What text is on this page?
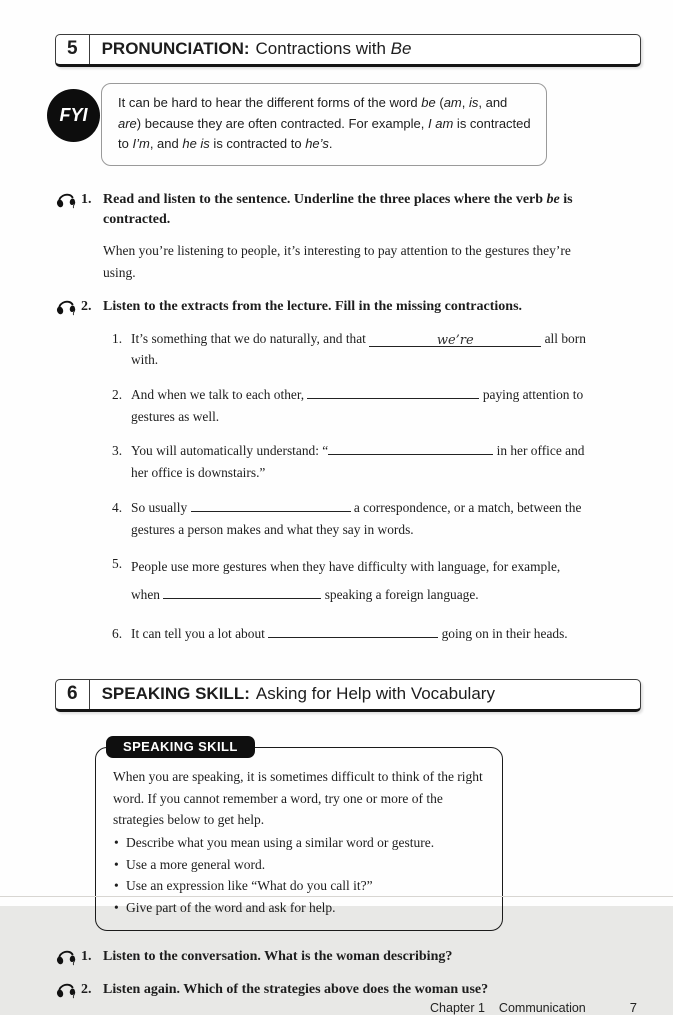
5	PRONUNCIATION: Contractions with Be
FYI

It can be hard to hear the different forms of the word be (am, is, and are) because they are often contracted. For example, I am is contracted to I’m, and he is is contracted to he’s.

1. Read and listen to the sentence. Underline the three places where the verb be is contracted.

When you’re listening to people, it’s interesting to pay attention to the gestures they’re using.

2. Listen to the extracts from the lecture. Fill in the missing contractions.

1. It’s something that we do naturally, and that	we’re	all born with.

2. And when we talk to each other,	paying attention to gestures as well.

3. You will automatically understand: “	in her office and her office is downstairs.”

4. So usually	a correspondence, or a match, between the gestures a person makes and what they say in words.

5. People use more gestures when they have difficulty with language, for example,
when	speaking a foreign language.

6. It can tell you a lot about	going on in their heads.

6	SPEAKING SKILL: Asking for Help with Vocabulary
SPEAKING SKILL

When you are speaking, it is sometimes difficult to think of the right word. If you cannot remember a word, try one or more of the strategies below to get help.

• Describe what you mean using a similar word or gesture.
• Use a more general word.
• Use an expression like “What do you call it?”
• Give part of the word and ask for help.
1. Listen to the conversation. What is the woman describing?

2. Listen again. Which of the strategies above does the woman use?

Chapter 1 Communication	7
